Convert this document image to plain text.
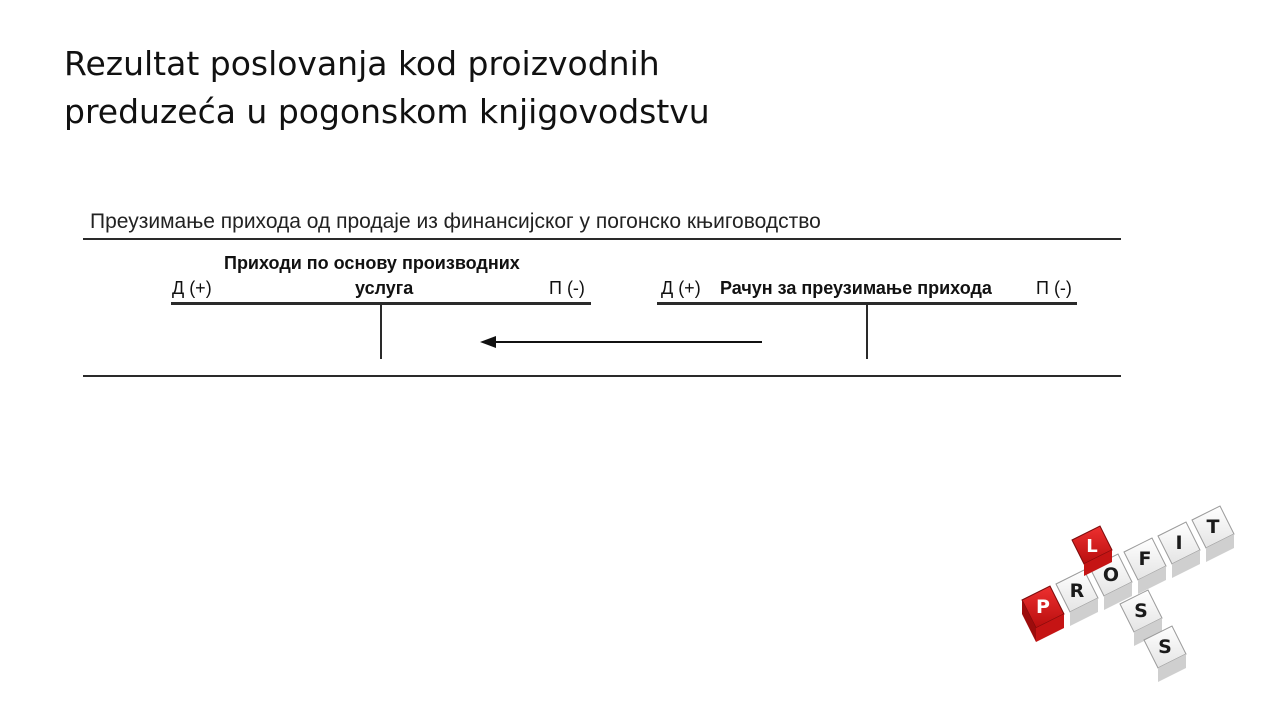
Rezultat poslovanja kod proizvodnih
preduzeća u pogonskom knjigovodstvu
Преузимање прихода од продаје из финансијског у погонско књиговодство
Приходи по основу производних
Д (+)	услуга	П (-)	Д (+) Рачун за преузимање прихода П (-)
P
R
O
F
I
T
L
S
S
